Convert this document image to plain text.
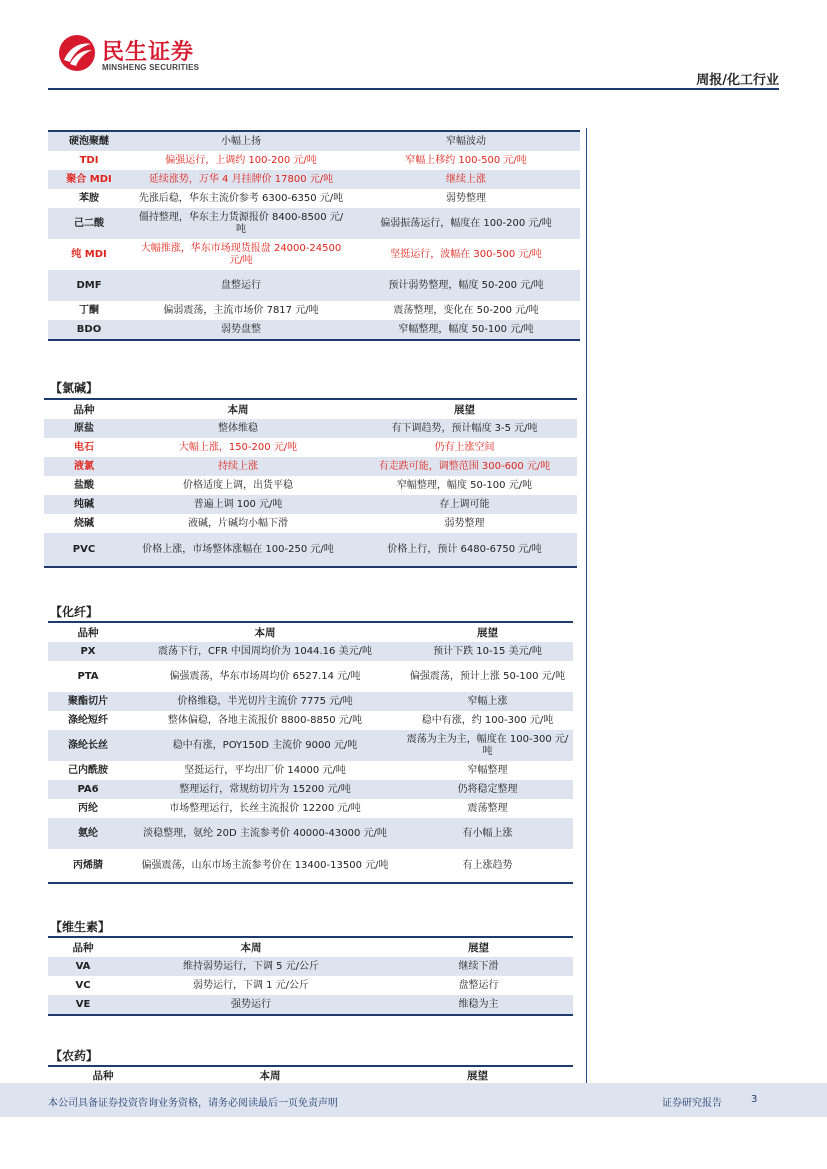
民生证券
MINSHENG SECURITIES
周报/化工行业
硬泡聚醚	小幅上扬	窄幅波动
TDI	偏强运行，上调约 100-200 元/吨	窄幅上移约 100-500 元/吨
聚合 MDI	延续涨势，万华 4 月挂牌价 17800 元/吨	继续上涨
苯胺	先涨后稳，华东主流价参考 6300-6350 元/吨	弱势整理
己二酸	僵持整理，华东主力货源报价 8400-8500 元/吨	偏弱振荡运行，幅度在 100-200 元/吨
纯 MDI	大幅推涨，华东市场现货报盘 24000-24500 元/吨	坚挺运行，波幅在 300-500 元/吨
DMF	盘整运行	预计弱势整理，幅度 50-200 元/吨
丁酮	偏弱震荡，主流市场价 7817 元/吨	震荡整理，变化在 50-200 元/吨
BDO	弱势盘整	窄幅整理，幅度 50-100 元/吨
【氯碱】
品种	本周	展望
原盐	整体维稳	有下调趋势，预计幅度 3-5 元/吨
电石	大幅上涨，150-200 元/吨	仍有上涨空间
液氯	持续上涨	有走跌可能，调整范围 300-600 元/吨
盐酸	价格适度上调，出货平稳	窄幅整理，幅度 50-100 元/吨
纯碱	普遍上调 100 元/吨	存上调可能
烧碱	液碱，片碱均小幅下滑	弱势整理
PVC	价格上涨，市场整体涨幅在 100-250 元/吨	价格上行，预计 6480-6750 元/吨
【化纤】
品种	本周	展望
PX	震荡下行，CFR 中国周均价为 1044.16 美元/吨	预计下跌 10-15 美元/吨
PTA	偏强震荡，华东市场周均价 6527.14 元/吨	偏强震荡，预计上涨 50-100 元/吨
聚酯切片	价格维稳，半光切片主流价 7775 元/吨	窄幅上涨
涤纶短纤	整体偏稳，各地主流报价 8800-8850 元/吨	稳中有涨，约 100-300 元/吨
涤纶长丝	稳中有涨，POY150D 主流价 9000 元/吨	震荡为主为主，幅度在 100-300 元/吨
己内酰胺	坚挺运行，平均出厂价 14000 元/吨	窄幅整理
PA6	整理运行，常规纺切片为 15200 元/吨	仍将稳定整理
丙纶	市场整理运行，长丝主流报价 12200 元/吨	震荡整理
氨纶	淡稳整理，氨纶 20D 主流参考价 40000-43000 元/吨	有小幅上涨
丙烯腈	偏强震荡，山东市场主流参考价在 13400-13500 元/吨	有上涨趋势
【维生素】
品种	本周	展望
VA	维持弱势运行，下调 5 元/公斤	继续下滑
VC	弱势运行，下调 1 元/公斤	盘整运行
VE	强势运行	维稳为主
【农药】
品种	本周	展望
本公司具备证券投资咨询业务资格，请务必阅读最后一页免责声明	证券研究报告	3
